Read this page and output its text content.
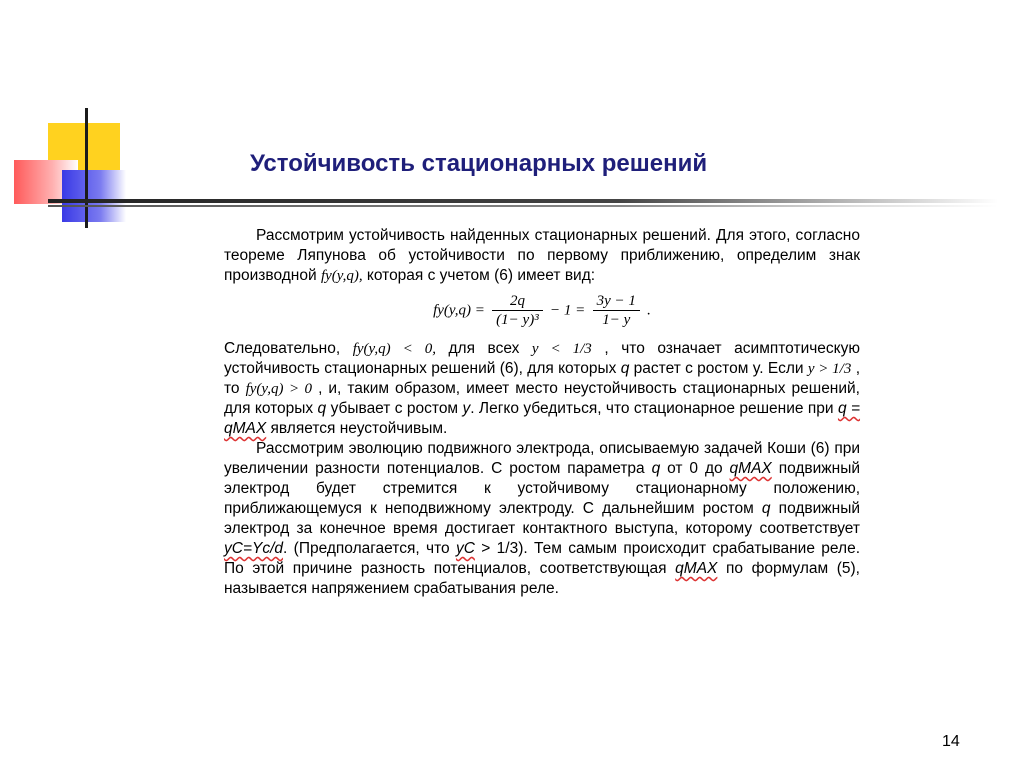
Устойчивость стационарных решений

Рассмотрим устойчивость найденных стационарных решений. Для этого, согласно теореме Ляпунова об устойчивости по первому приближению, определим знак производной fy(y,q), которая с учетом (6) имеет вид:

$fy(y,q) = \frac{2q}{\text{(1− y)³}} - 1 = \frac{3y - 1}{1- y}$ .

Следовательно, fy(y,q) < 0, для всех y < 1/3 , что означает асимптотическую устойчивость стационарных решений (6), для которых q растет с ростом y. Если y > 1/3 , то fy(y,q) > 0 , и, таким образом, имеет место неустойчивость стационарных решений, для которых q убывает с ростом y. Легко убедиться, что стационарное решение при q = qMAX является неустойчивым.

Рассмотрим эволюцию подвижного электрода, описываемую задачей Коши (6) при увеличении разности потенциалов. С ростом параметра q от 0 до qMAX подвижный электрод будет стремится к устойчивому стационарному положению, приближающемуся к неподвижному электроду. С дальнейшим ростом q подвижный электрод за конечное время достигает контактного выступа, которому соответствует yC=Yc/d. (Предполагается, что yC > 1/3). Тем самым происходит срабатывание реле. По этой причине разность потенциалов, соответствующая qMAX по формулам (5), называется напряжением срабатывания реле.

14
